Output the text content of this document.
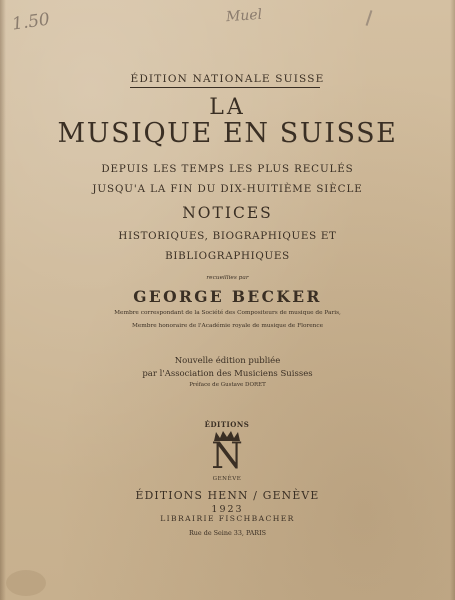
1.50	Muel
ÉDITION NATIONALE SUISSE
LA
MUSIQUE EN SUISSE
DEPUIS LES TEMPS LES PLUS RECULÉS
JUSQU'A LA FIN DU DIX-HUITIÈME SIÈCLE
NOTICES
HISTORIQUES, BIOGRAPHIQUES ET
BIBLIOGRAPHIQUES
recueillies par
GEORGE BECKER
Membre correspondant de la Société des Compositeurs de musique de Paris,
Membre honoraire de l'Académie royale de musique de Florence
Nouvelle édition publiée
par l'Association des Musiciens Suisses
Préface de Gustave DORET
ÉDITIONS
N
GENÈVE
ÉDITIONS HENN / GENÈVE
1923
LIBRAIRIE FISCHBACHER
Rue de Seine 33, PARIS
